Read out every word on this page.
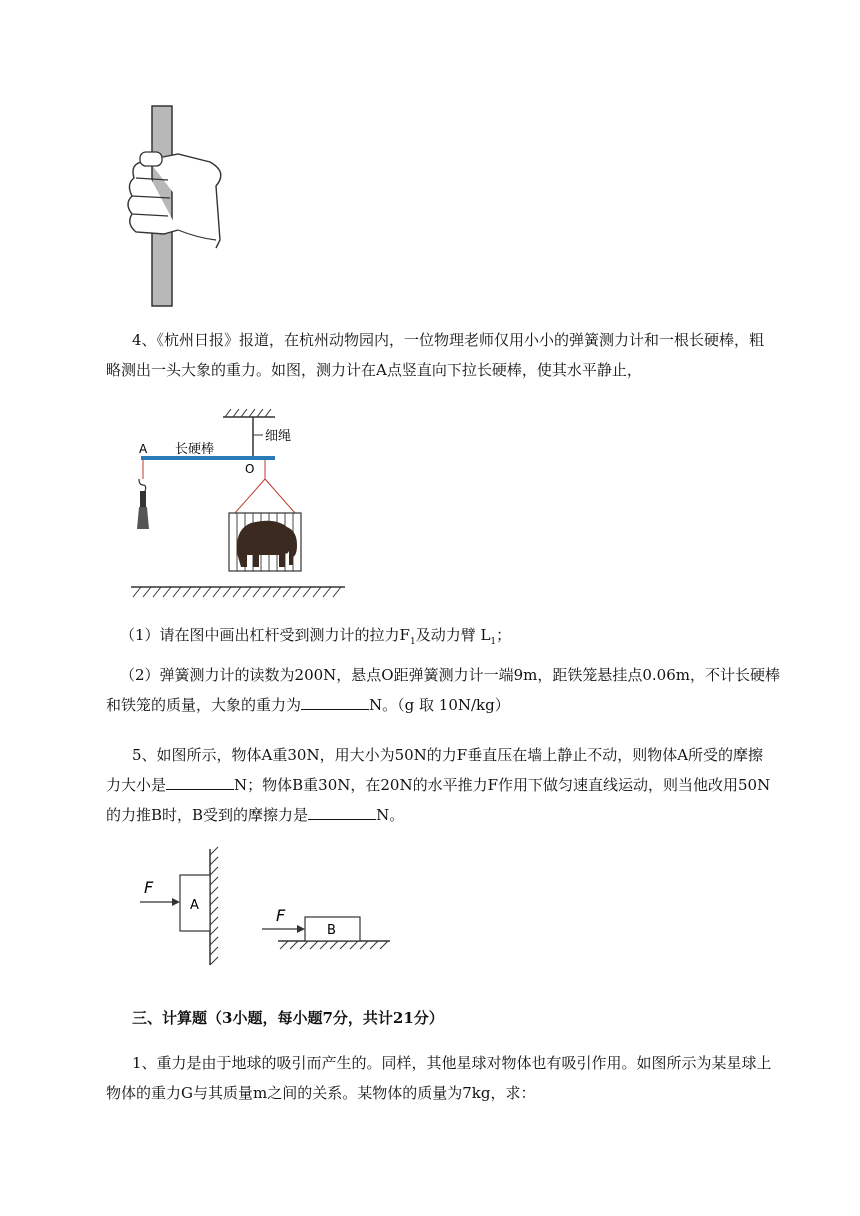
4、《杭州日报》报道，在杭州动物园内，一位物理老师仅用小小的弹簧测力计和一根长硬棒，粗
略测出一头大象的重力。如图，测力计在A点竖直向下拉长硬棒，使其水平静止，
细绳
A 长硬棒
O
（1）请在图中画出杠杆受到测力计的拉力$F_1$及动力臂 $L_1$；
（2）弹簧测力计的读数为200N，悬点O距弹簧测力计一端9m，距铁笼悬挂点0.06m，不计长硬棒
和铁笼的质量，大象的重力为	N。（g 取 10N/kg）
5、如图所示，物体A重30N，用大小为50N的力F垂直压在墙上静止不动，则物体A所受的摩擦
力大小是	N；物体B重30N，在20N的水平推力F作用下做匀速直线运动，则当他改用50N
的力推B时，B受到的摩擦力是	N。
A
F
B
F
三、计算题（3小题，每小题7分，共计21分）
1、重力是由于地球的吸引而产生的。同样，其他星球对物体也有吸引作用。如图所示为某星球上
物体的重力G与其质量m之间的关系。某物体的质量为7kg，求：
